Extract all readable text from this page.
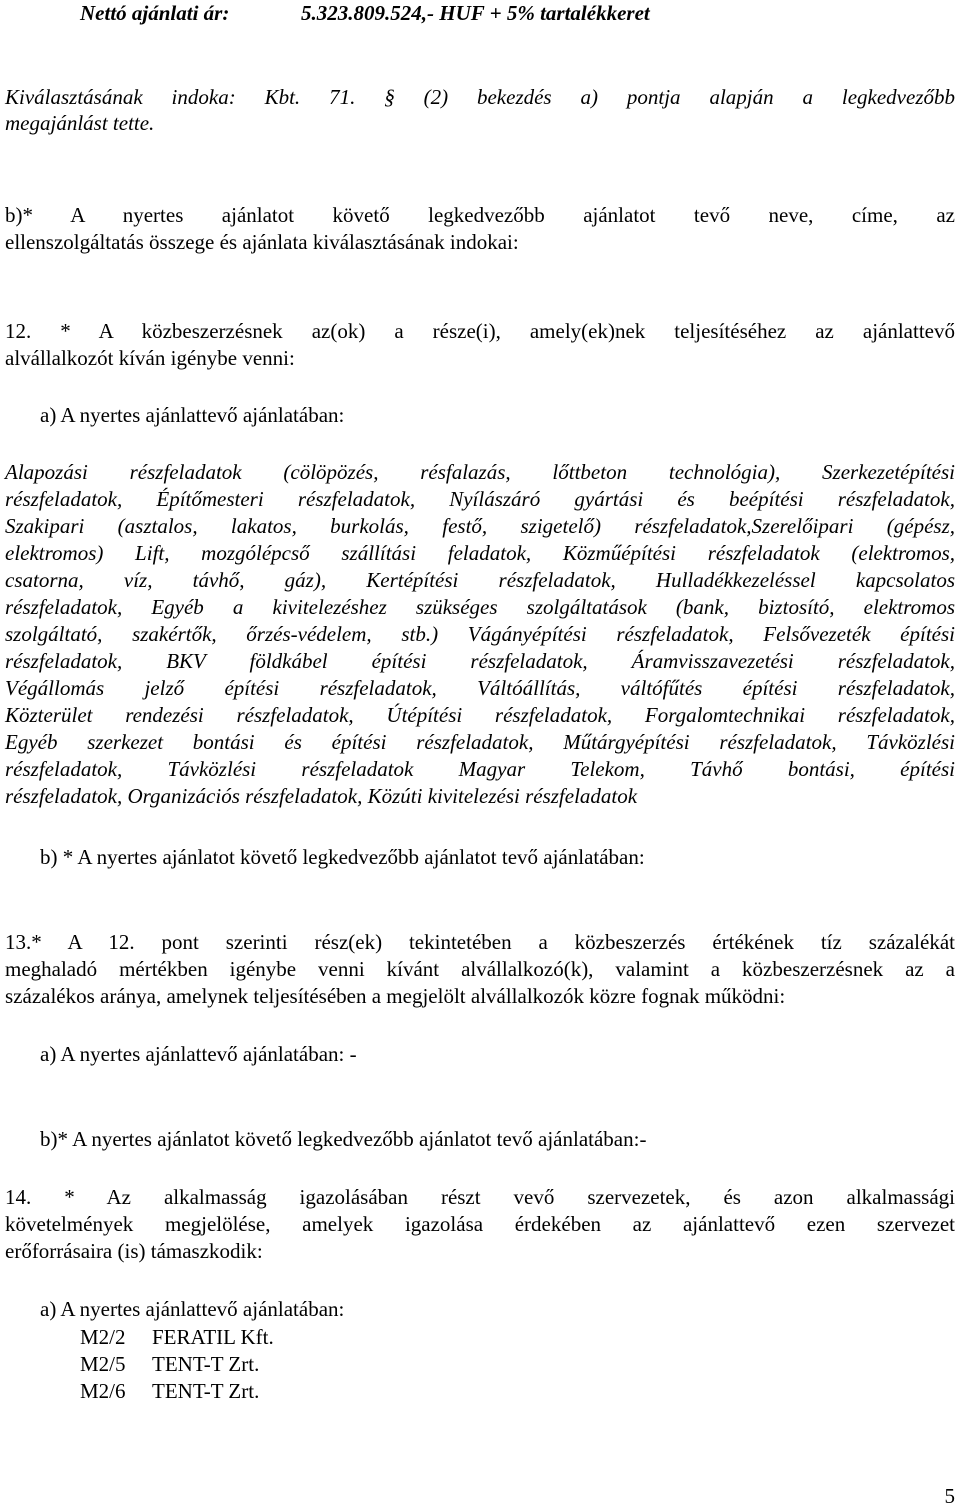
Nettó ajánlati ár:	5.323.809.524,- HUF + 5% tartalékkeret
Kiválasztásának indoka: Kbt. 71. § (2) bekezdés a) pontja alapján a legkedvezőbb
megajánlást tette.
b)* A nyertes ajánlatot követő legkedvezőbb ajánlatot tevő neve, címe, az
ellenszolgáltatás összege és ajánlata kiválasztásának indokai:
12. * A közbeszerzésnek az(ok) a része(i), amely(ek)nek teljesítéséhez az ajánlattevő
alvállalkozót kíván igénybe venni:
a) A nyertes ajánlattevő ajánlatában:
Alapozási részfeladatok (cölöpözés, résfalazás, lőttbeton technológia), Szerkezetépítési
részfeladatok, Építőmesteri részfeladatok, Nyílászáró gyártási és beépítési részfeladatok,
Szakipari (asztalos, lakatos, burkolás, festő, szigetelő) részfeladatok,Szerelőipari (gépész,
elektromos) Lift, mozgólépcső szállítási feladatok, Közműépítési részfeladatok (elektromos,
csatorna, víz, távhő, gáz), Kertépítési részfeladatok, Hulladékkezeléssel kapcsolatos
részfeladatok, Egyéb a kivitelezéshez szükséges szolgáltatások (bank, biztosító, elektromos
szolgáltató, szakértők, őrzés-védelem, stb.) Vágányépítési részfeladatok, Felsővezeték építési
részfeladatok, BKV földkábel építési részfeladatok, Áramvisszavezetési részfeladatok,
Végállomás jelző építési részfeladatok, Váltóállítás, váltófűtés építési részfeladatok,
Közterület rendezési részfeladatok, Útépítési részfeladatok, Forgalomtechnikai részfeladatok,
Egyéb szerkezet bontási és építési részfeladatok, Műtárgyépítési részfeladatok, Távközlési
részfeladatok, Távközlési részfeladatok Magyar Telekom, Távhő bontási, építési
részfeladatok, Organizációs részfeladatok, Közúti kivitelezési részfeladatok
b) * A nyertes ajánlatot követő legkedvezőbb ajánlatot tevő ajánlatában:
13.* A 12. pont szerinti rész(ek) tekintetében a közbeszerzés értékének tíz százalékát
meghaladó mértékben igénybe venni kívánt alvállalkozó(k), valamint a közbeszerzésnek az a
százalékos aránya, amelynek teljesítésében a megjelölt alvállalkozók közre fognak működni:
a) A nyertes ajánlattevő ajánlatában: -
b)* A nyertes ajánlatot követő legkedvezőbb ajánlatot tevő ajánlatában:-
14. * Az alkalmasság igazolásában részt vevő szervezetek, és azon alkalmassági
követelmények megjelölése, amelyek igazolása érdekében az ajánlattevő ezen szervezet
erőforrásaira (is) támaszkodik:
a) A nyertes ajánlattevő ajánlatában:
M2/2 FERATIL Kft.
M2/5 TENT-T Zrt.
M2/6 TENT-T Zrt.
5
